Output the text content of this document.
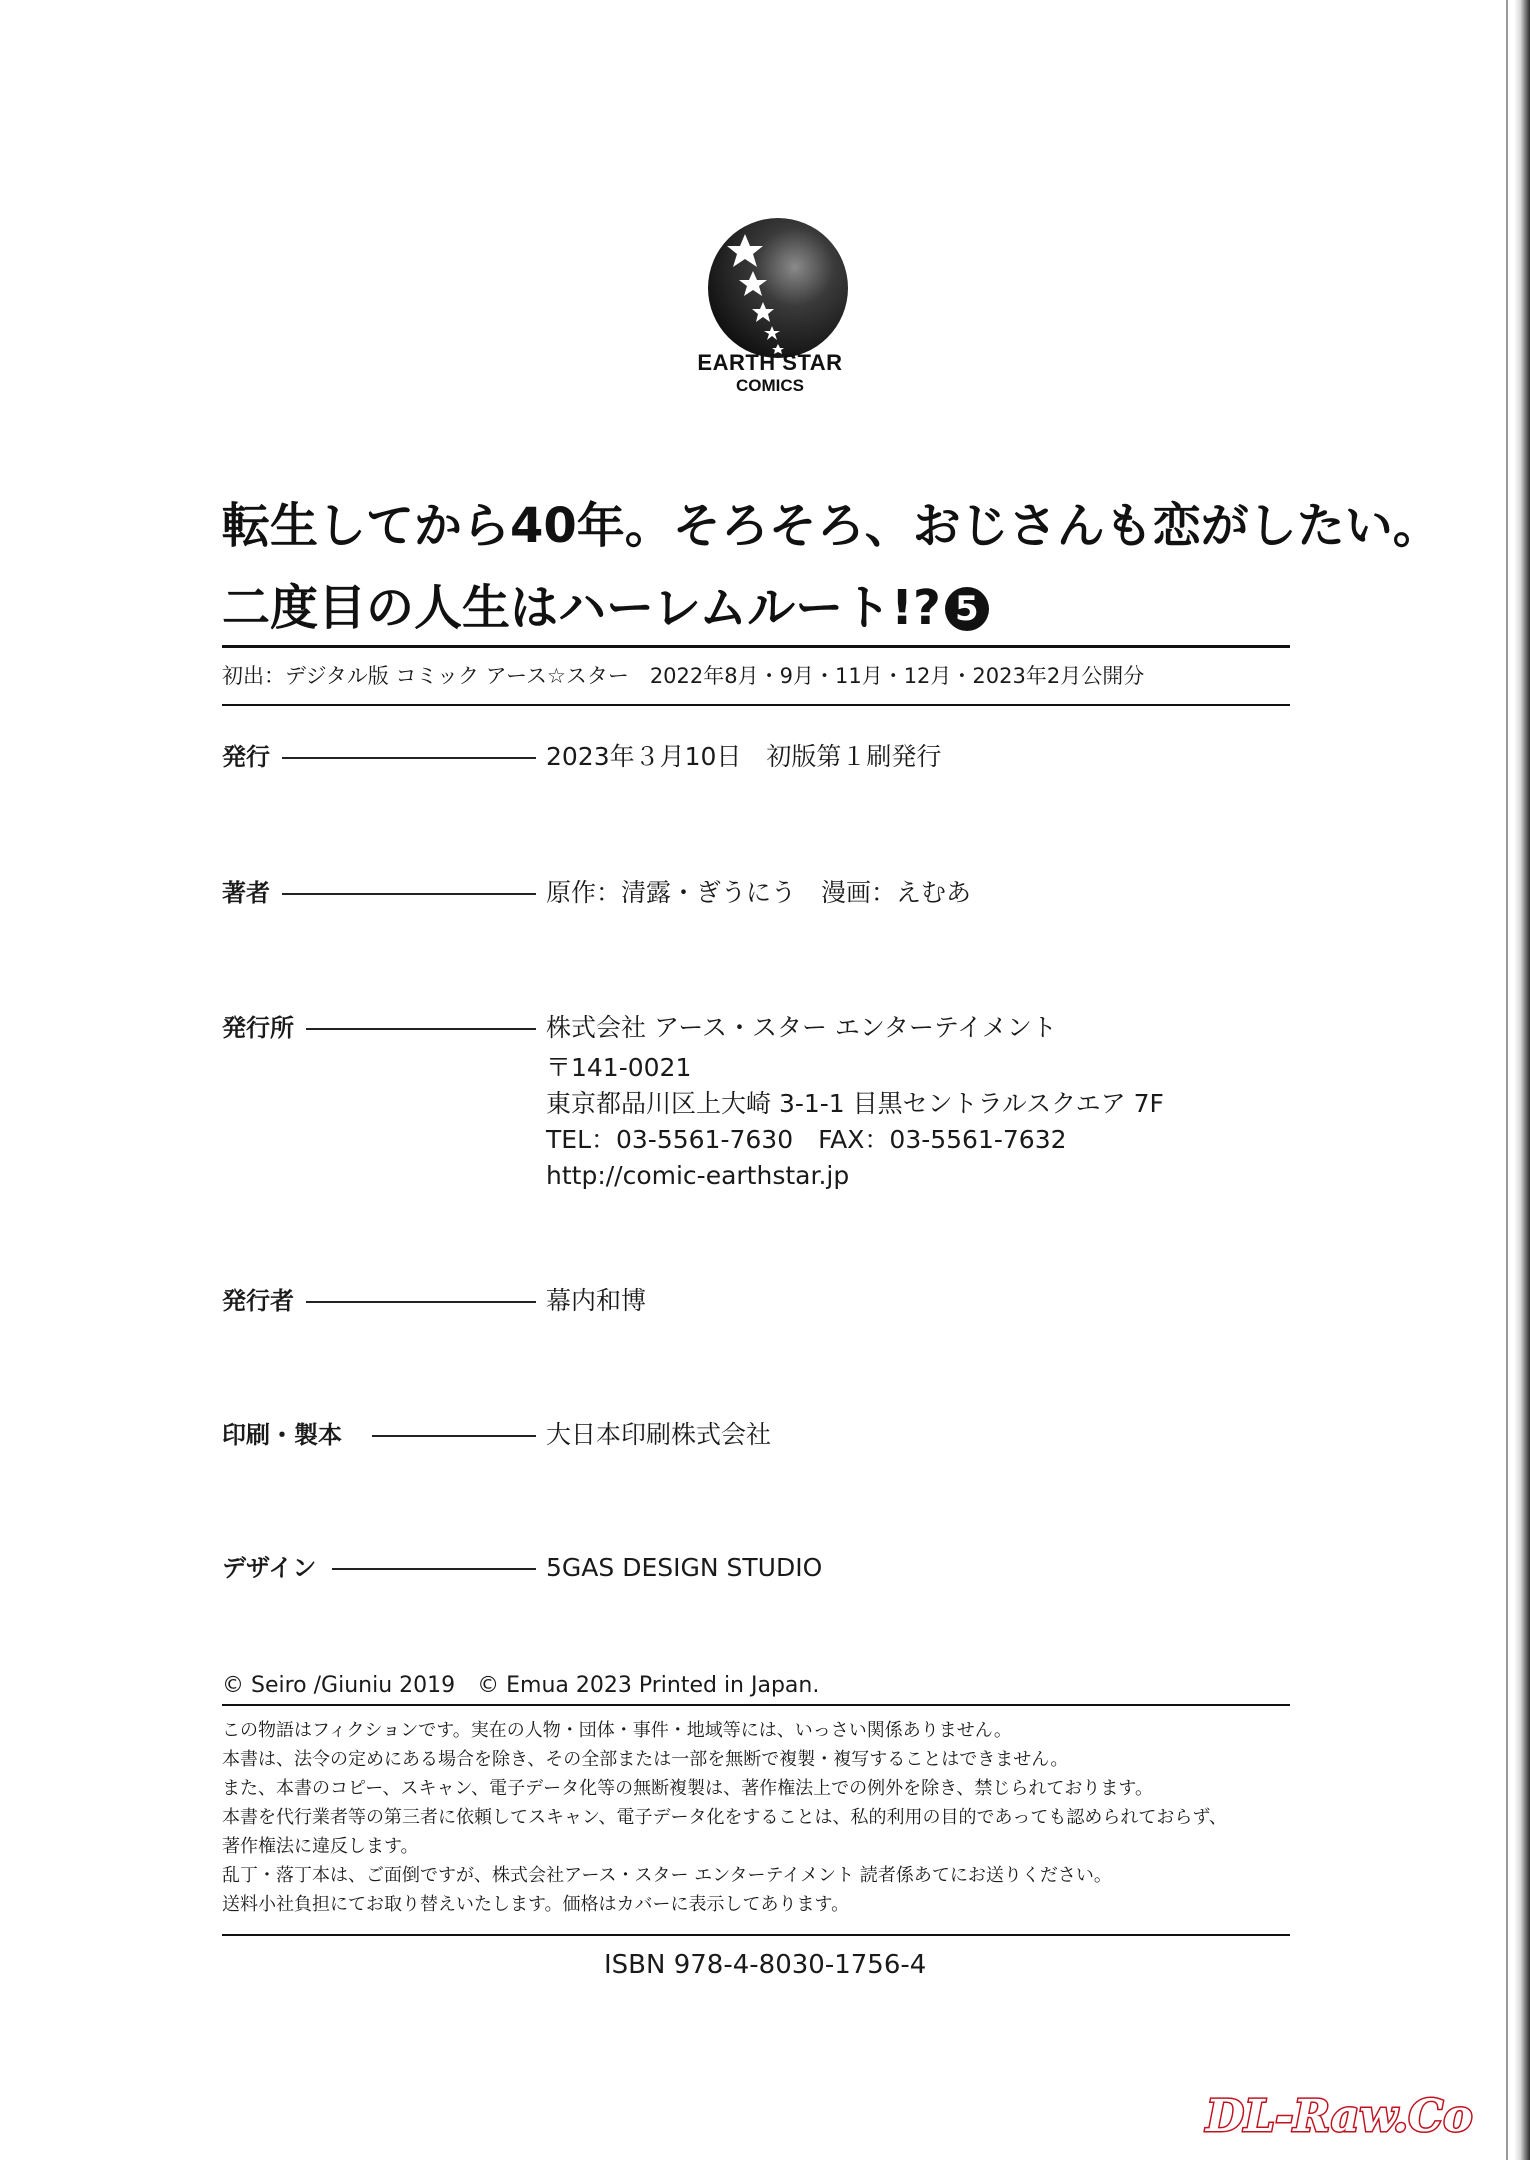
EARTH STAR
COMICS
転生してから40年。そろそろ、おじさんも恋がしたい。
二度目の人生はハーレムルート!? 5
初出：デジタル版 コミック アース☆スター　2022年8月・9月・11月・12月・2023年2月公開分
発行	2023年３月10日　初版第１刷発行
著者	原作：清露・ぎうにう　漫画：えむあ
発行所	株式会社 アース・スター エンターテイメント
〒141-0021
東京都品川区上大崎 3-1-1 目黒セントラルスクエア 7F
TEL：03-5561-7630　FAX：03-5561-7632
http://comic-earthstar.jp
発行者	幕内和博
印刷・製本	大日本印刷株式会社
デザイン	5GAS DESIGN STUDIO
© Seiro /Giuniu 2019　© Emua 2023 Printed in Japan.
この物語はフィクションです。実在の人物・団体・事件・地域等には、いっさい関係ありません。
本書は、法令の定めにある場合を除き、その全部または一部を無断で複製・複写することはできません。
また、本書のコピー、スキャン、電子データ化等の無断複製は、著作権法上での例外を除き、禁じられております。
本書を代行業者等の第三者に依頼してスキャン、電子データ化をすることは、私的利用の目的であっても認められておらず、
著作権法に違反します。
乱丁・落丁本は、ご面倒ですが、株式会社アース・スター エンターテイメント 読者係あてにお送りください。
送料小社負担にてお取り替えいたします。価格はカバーに表示してあります。
ISBN 978-4-8030-1756-4
DL-Raw.Co
